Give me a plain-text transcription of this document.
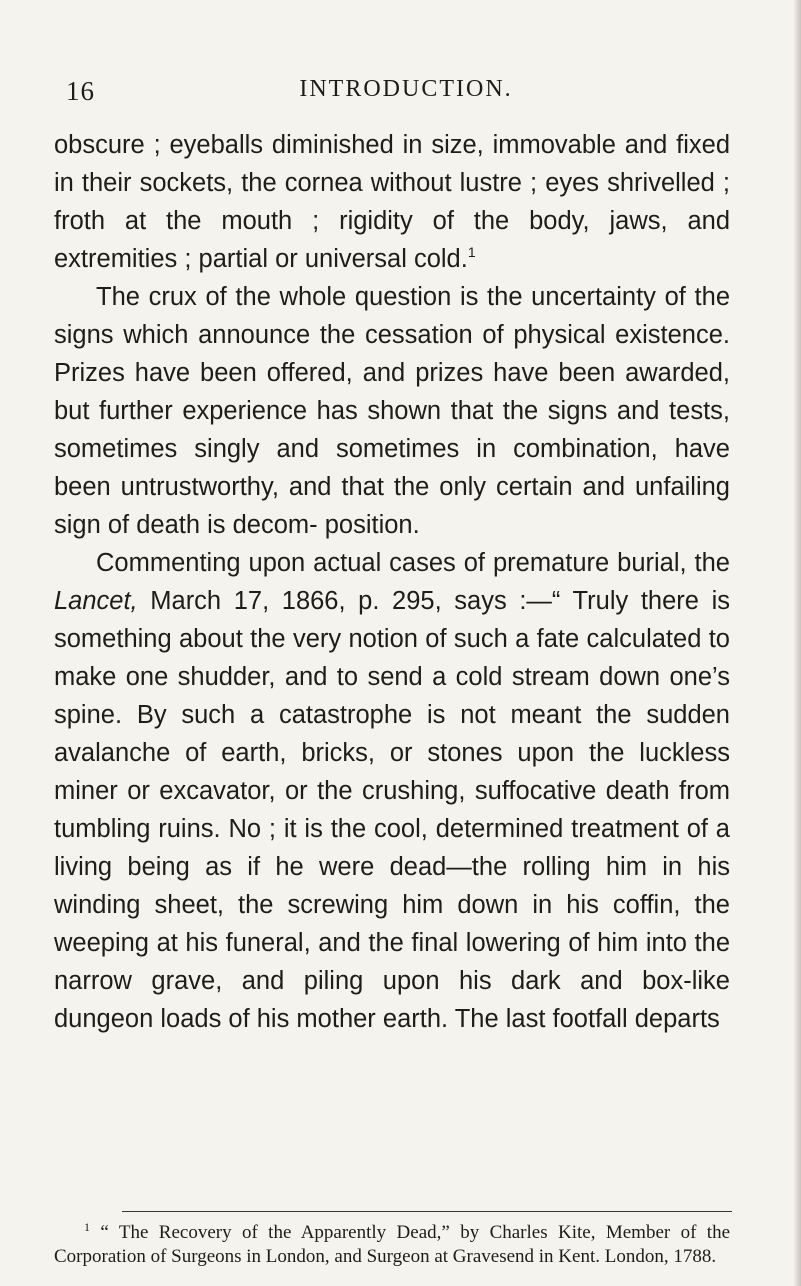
16	INTRODUCTION.

obscure ; eyeballs diminished in size, immovable and fixed in their sockets, the cornea without lustre ; eyes shrivelled ; froth at the mouth ; rigidity of the body, jaws, and extremities ; partial or universal cold.$^1$

The crux of the whole question is the uncertainty of the signs which announce the cessation of physical existence. Prizes have been offered, and prizes have been awarded, but further experience has shown that the signs and tests, sometimes singly and sometimes in combination, have been untrustworthy, and that the only certain and unfailing sign of death is decom- position.

Commenting upon actual cases of premature burial, the Lancet, March 17, 1866, p. 295, says :—“ Truly there is something about the very notion of such a fate calculated to make one shudder, and to send a cold stream down one’s spine. By such a catastrophe is not meant the sudden avalanche of earth, bricks, or stones upon the luckless miner or excavator, or the crushing, suffocative death from tumbling ruins. No ; it is the cool, determined treatment of a living being as if he were dead—the rolling him in his winding sheet, the screwing him down in his coffin, the weeping at his funeral, and the final lowering of him into the narrow grave, and piling upon his dark and box-like dungeon loads of his mother earth. The last footfall departs

$^1$ “ The Recovery of the Apparently Dead,” by Charles Kite, Member of the Corporation of Surgeons in London, and Surgeon at Gravesend in Kent. London, 1788.
